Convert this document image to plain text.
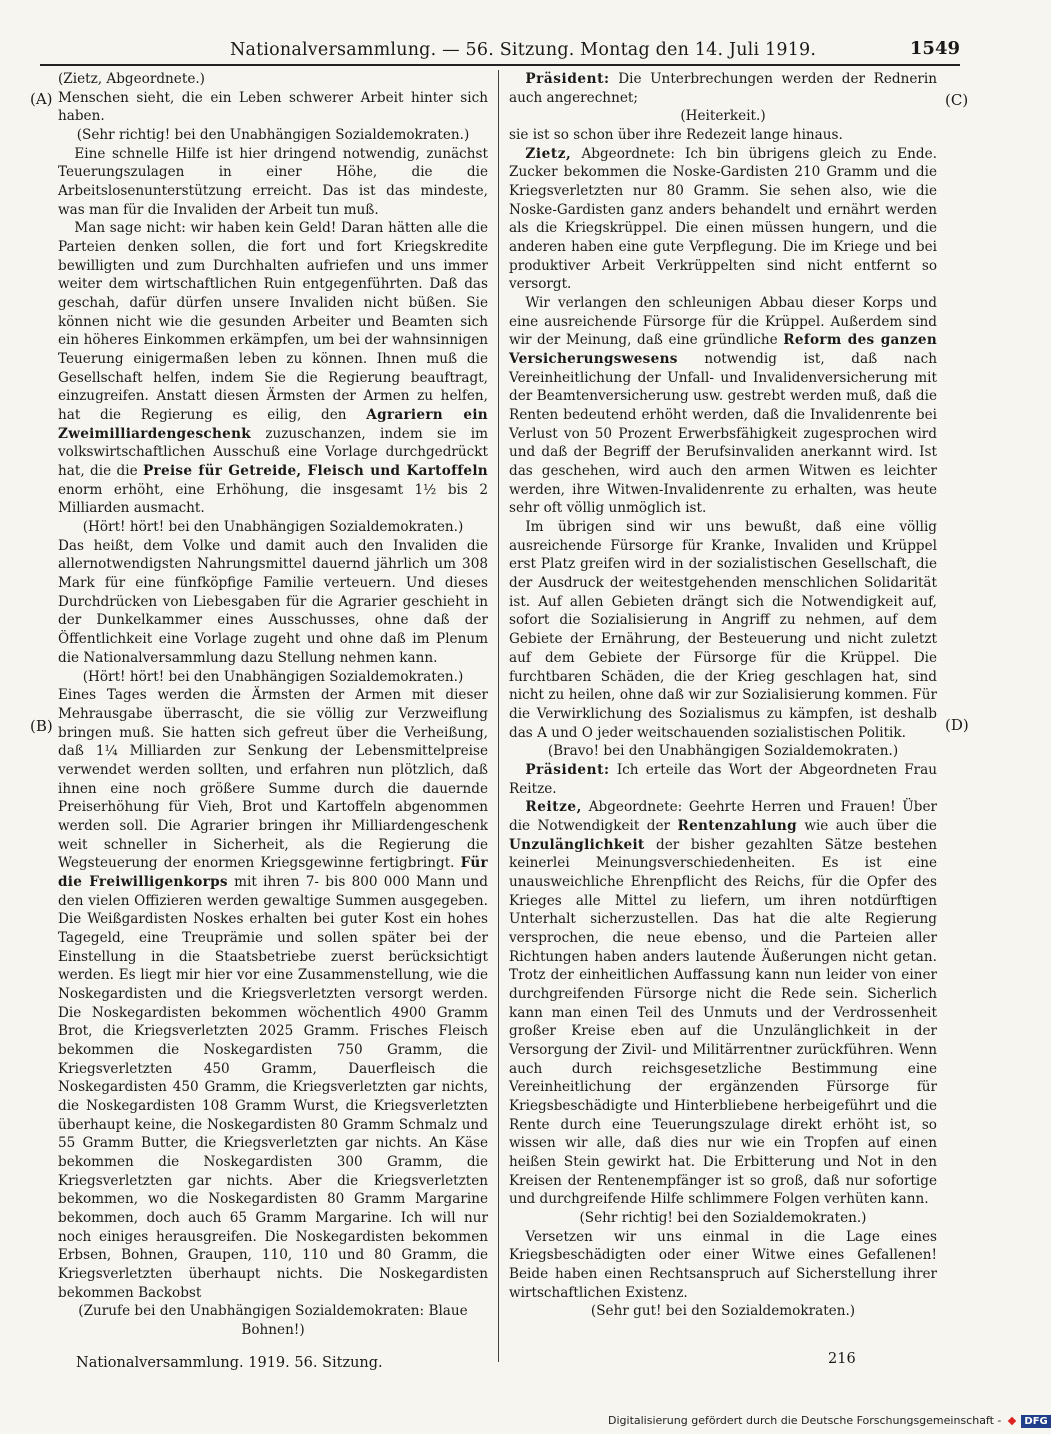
Nationalversammlung. — 56. Sitzung. Montag den 14. Juli 1919.	1549
(A)
(B)
(C)
(D)

(Zietz, Abgeordnete.)

Menschen sieht, die ein Leben schwerer Arbeit hinter sich haben.

(Sehr richtig! bei den Unabhängigen Sozialdemokraten.)

Eine schnelle Hilfe ist hier dringend notwendig, zunächst Teuerungszulagen in einer Höhe, die die Arbeitslosenunterstützung erreicht. Das ist das mindeste, was man für die Invaliden der Arbeit tun muß.

Man sage nicht: wir haben kein Geld! Daran hätten alle die Parteien denken sollen, die fort und fort Kriegskredite bewilligten und zum Durchhalten aufriefen und uns immer weiter dem wirtschaftlichen Ruin entgegenführten. Daß das geschah, dafür dürfen unsere Invaliden nicht büßen. Sie können nicht wie die gesunden Arbeiter und Beamten sich ein höheres Einkommen erkämpfen, um bei der wahnsinnigen Teuerung einigermaßen leben zu können. Ihnen muß die Gesellschaft helfen, indem Sie die Regierung beauftragt, einzugreifen. Anstatt diesen Ärmsten der Armen zu helfen, hat die Regierung es eilig, den Agrariern ein Zweimilliardengeschenk zuzuschanzen, indem sie im volkswirtschaftlichen Ausschuß eine Vorlage durchgedrückt hat, die die Preise für Getreide, Fleisch und Kartoffeln enorm erhöht, eine Erhöhung, die insgesamt 1½ bis 2 Milliarden ausmacht.

(Hört! hört! bei den Unabhängigen Sozialdemokraten.)

Das heißt, dem Volke und damit auch den Invaliden die allernotwendigsten Nahrungsmittel dauernd jährlich um 308 Mark für eine fünfköpfige Familie verteuern. Und dieses Durchdrücken von Liebesgaben für die Agrarier geschieht in der Dunkelkammer eines Ausschusses, ohne daß der Öffentlichkeit eine Vorlage zugeht und ohne daß im Plenum die Nationalversammlung dazu Stellung nehmen kann.

(Hört! hört! bei den Unabhängigen Sozialdemokraten.)

Eines Tages werden die Ärmsten der Armen mit dieser Mehrausgabe überrascht, die sie völlig zur Verzweiflung bringen muß. Sie hatten sich gefreut über die Verheißung, daß 1¼ Milliarden zur Senkung der Lebensmittelpreise verwendet werden sollten, und erfahren nun plötzlich, daß ihnen eine noch größere Summe durch die dauernde Preiserhöhung für Vieh, Brot und Kartoffeln abgenommen werden soll. Die Agrarier bringen ihr Milliardengeschenk weit schneller in Sicherheit, als die Regierung die Wegsteuerung der enormen Kriegsgewinne fertigbringt. Für die Freiwilligenkorps mit ihren 7- bis 800 000 Mann und den vielen Offizieren werden gewaltige Summen ausgegeben. Die Weißgardisten Noskes erhalten bei guter Kost ein hohes Tagegeld, eine Treuprämie und sollen später bei der Einstellung in die Staatsbetriebe zuerst berücksichtigt werden. Es liegt mir hier vor eine Zusammenstellung, wie die Noskegardisten und die Kriegsverletzten versorgt werden. Die Noskegardisten bekommen wöchentlich 4900 Gramm Brot, die Kriegsverletzten 2025 Gramm. Frisches Fleisch bekommen die Noskegardisten 750 Gramm, die Kriegsverletzten 450 Gramm, Dauerfleisch die Noskegardisten 450 Gramm, die Kriegsverletzten gar nichts, die Noskegardisten 108 Gramm Wurst, die Kriegsverletzten überhaupt keine, die Noskegardisten 80 Gramm Schmalz und 55 Gramm Butter, die Kriegsverletzten gar nichts. An Käse bekommen die Noskegardisten 300 Gramm, die Kriegsverletzten gar nichts. Aber die Kriegsverletzten bekommen, wo die Noskegardisten 80 Gramm Margarine bekommen, doch auch 65 Gramm Margarine. Ich will nur noch einiges herausgreifen. Die Noskegardisten bekommen Erbsen, Bohnen, Graupen, 110, 110 und 80 Gramm, die Kriegsverletzten überhaupt nichts. Die Noskegardisten bekommen Backobst

(Zurufe bei den Unabhängigen Sozialdemokraten: Blaue Bohnen!)

Präsident: Die Unterbrechungen werden der Rednerin auch angerechnet;

(Heiterkeit.)

sie ist so schon über ihre Redezeit lange hinaus.

Zietz, Abgeordnete: Ich bin übrigens gleich zu Ende. Zucker bekommen die Noske-Gardisten 210 Gramm und die Kriegsverletzten nur 80 Gramm. Sie sehen also, wie die Noske-Gardisten ganz anders behandelt und ernährt werden als die Kriegskrüppel. Die einen müssen hungern, und die anderen haben eine gute Verpflegung. Die im Kriege und bei produktiver Arbeit Verkrüppelten sind nicht entfernt so versorgt.

Wir verlangen den schleunigen Abbau dieser Korps und eine ausreichende Fürsorge für die Krüppel. Außerdem sind wir der Meinung, daß eine gründliche Reform des ganzen Versicherungswesens notwendig ist, daß nach Vereinheitlichung der Unfall- und Invalidenversicherung mit der Beamtenversicherung usw. gestrebt werden muß, daß die Renten bedeutend erhöht werden, daß die Invalidenrente bei Verlust von 50 Prozent Erwerbsfähigkeit zugesprochen wird und daß der Begriff der Berufsinvaliden anerkannt wird. Ist das geschehen, wird auch den armen Witwen es leichter werden, ihre Witwen-Invalidenrente zu erhalten, was heute sehr oft völlig unmöglich ist.

Im übrigen sind wir uns bewußt, daß eine völlig ausreichende Fürsorge für Kranke, Invaliden und Krüppel erst Platz greifen wird in der sozialistischen Gesellschaft, die der Ausdruck der weitestgehenden menschlichen Solidarität ist. Auf allen Gebieten drängt sich die Notwendigkeit auf, sofort die Sozialisierung in Angriff zu nehmen, auf dem Gebiete der Ernährung, der Besteuerung und nicht zuletzt auf dem Gebiete der Fürsorge für die Krüppel. Die furchtbaren Schäden, die der Krieg geschlagen hat, sind nicht zu heilen, ohne daß wir zur Sozialisierung kommen. Für die Verwirklichung des Sozialismus zu kämpfen, ist deshalb das A und O jeder weitschauenden sozialistischen Politik.

(Bravo! bei den Unabhängigen Sozialdemokraten.)

Präsident: Ich erteile das Wort der Abgeordneten Frau Reitze.

Reitze, Abgeordnete: Geehrte Herren und Frauen! Über die Notwendigkeit der Rentenzahlung wie auch über die Unzulänglichkeit der bisher gezahlten Sätze bestehen keinerlei Meinungsverschiedenheiten. Es ist eine unausweichliche Ehrenpflicht des Reichs, für die Opfer des Krieges alle Mittel zu liefern, um ihren notdürftigen Unterhalt sicherzustellen. Das hat die alte Regierung versprochen, die neue ebenso, und die Parteien aller Richtungen haben anders lautende Äußerungen nicht getan. Trotz der einheitlichen Auffassung kann nun leider von einer durchgreifenden Fürsorge nicht die Rede sein. Sicherlich kann man einen Teil des Unmuts und der Verdrossenheit großer Kreise eben auf die Unzulänglichkeit in der Versorgung der Zivil- und Militärrentner zurückführen. Wenn auch durch reichsgesetzliche Bestimmung eine Vereinheitlichung der ergänzenden Fürsorge für Kriegsbeschädigte und Hinterbliebene herbeigeführt und die Rente durch eine Teuerungszulage direkt erhöht ist, so wissen wir alle, daß dies nur wie ein Tropfen auf einen heißen Stein gewirkt hat. Die Erbitterung und Not in den Kreisen der Rentenempfänger ist so groß, daß nur sofortige und durchgreifende Hilfe schlimmere Folgen verhüten kann.

(Sehr richtig! bei den Sozialdemokraten.)

Versetzen wir uns einmal in die Lage eines Kriegsbeschädigten oder einer Witwe eines Gefallenen! Beide haben einen Rechtsanspruch auf Sicherstellung ihrer wirtschaftlichen Existenz.

(Sehr gut! bei den Sozialdemokraten.)

Nationalversammlung. 1919. 56. Sitzung.	216
Digitalisierung gefördert durch die Deutsche Forschungsgemeinschaft - DFG
